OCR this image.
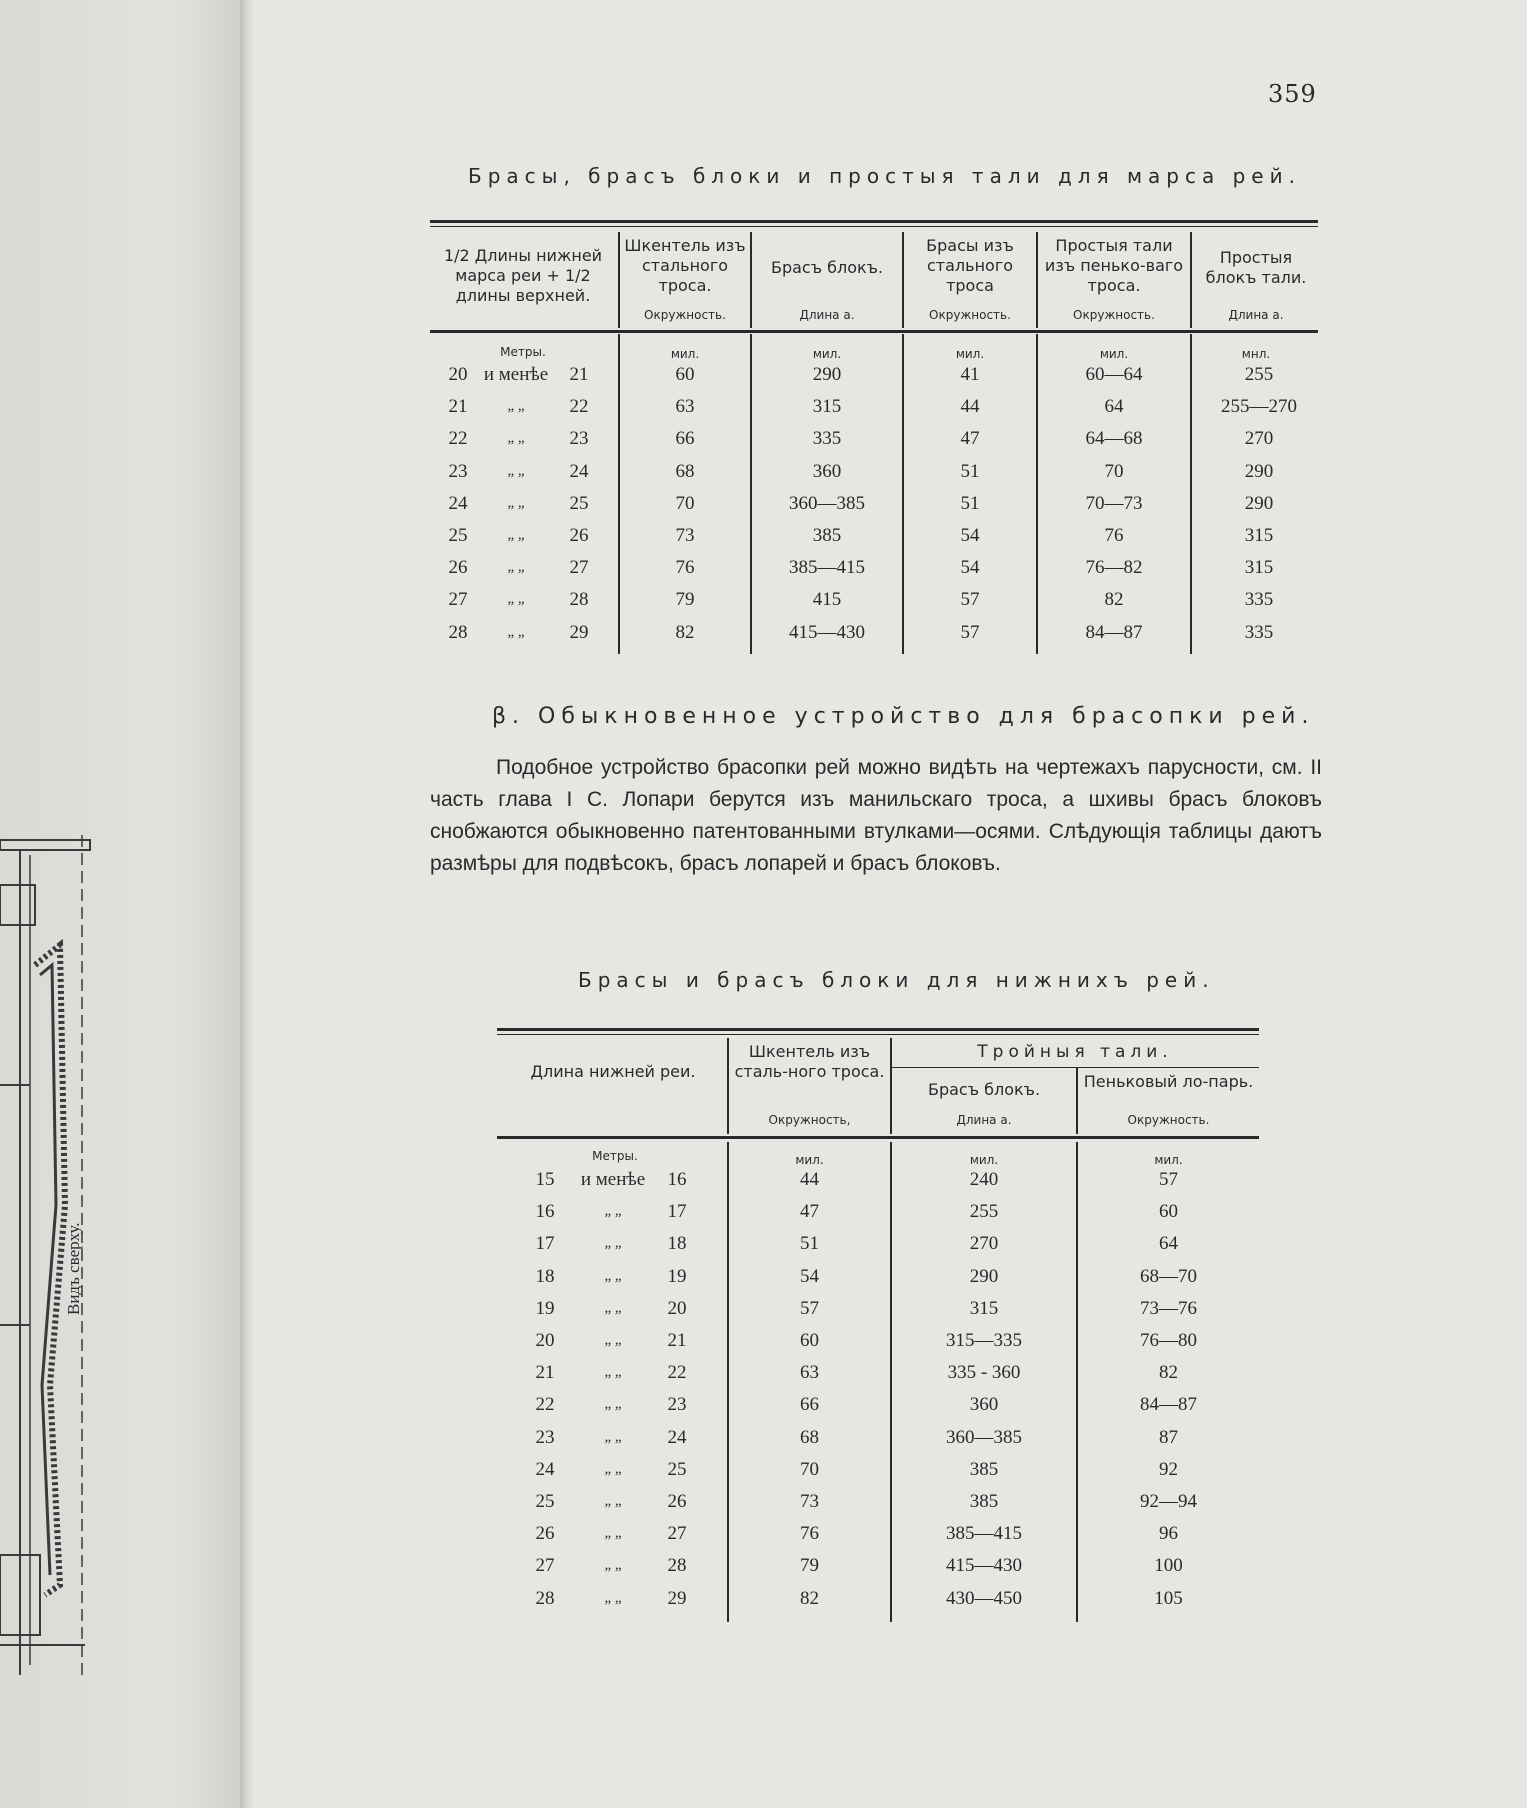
Видъ сверху.
359
Брасы, брасъ блоки и простыя тали для марса рей.
1/2 Длины нижней марса реи + 1/2 длины верхней.
Шкентель изъ стального троса.
Брасъ блокъ.
Брасы изъ стального троса
Простыя тали изъ пенько-ваго троса.
Простыя блокъ тали.
Окружность.	Длина a.	Окружность.	Окружность.	Длина a.
Метры.	мил.	мил.	мил.	мил.	мнл.
20 и менѣе	21	60	290	41	60—64	255
21	„ „	22	63	315	44	64	255—270
22	„ „	23	66	335	47	64—68	270
23	„ „	24	68	360	51	70	290
24	„ „	25	70	360—385	51	70—73	290
25	„ „	26	73	385	54	76	315
26	„ „	27	76	385—415	54	76—82	315
27	„ „	28	79	415	57	82	335
28	„ „	29	82	415—430	57	84—87	335
β. Обыкновенное устройство для брасопки рей.
Подобное устройство брасопки рей можно видѣть на чертежахъ парусности, см. II часть глава I С. Лопари берутся изъ манильскаго троса, а шхивы брасъ блоковъ снобжаются обыкновенно патентованными втулками—осями. Слѣдующія таблицы даютъ размѣры для подвѣсокъ, брасъ лопарей и брасъ блоковъ.
Брасы и брасъ блоки для нижнихъ рей.
Тройныя тали.
Длина нижней реи.
Шкентель изъ сталь-ного троса.
Брасъ блокъ.	Пеньковый ло-парь.
Окружность,	Длина a.	Окружность.
Метры.	мил.	мил.	мил.
15	и менѣе	16	44	240	57
16	„ „	17	47	255	60
17	„ „	18	51	270	64
18	„ „	19	54	290	68—70
19	„ „	20	57	315	73—76
20	„ „	21	60	315—335	76—80
21	„ „	22	63	335 - 360	82
22	„ „	23	66	360	84—87
23	„ „	24	68	360—385	87
24	„ „	25	70	385	92
25	„ „	26	73	385	92—94
26	„ „	27	76	385—415	96
27	„ „	28	79	415—430	100
28	„ „	29	82	430—450	105
